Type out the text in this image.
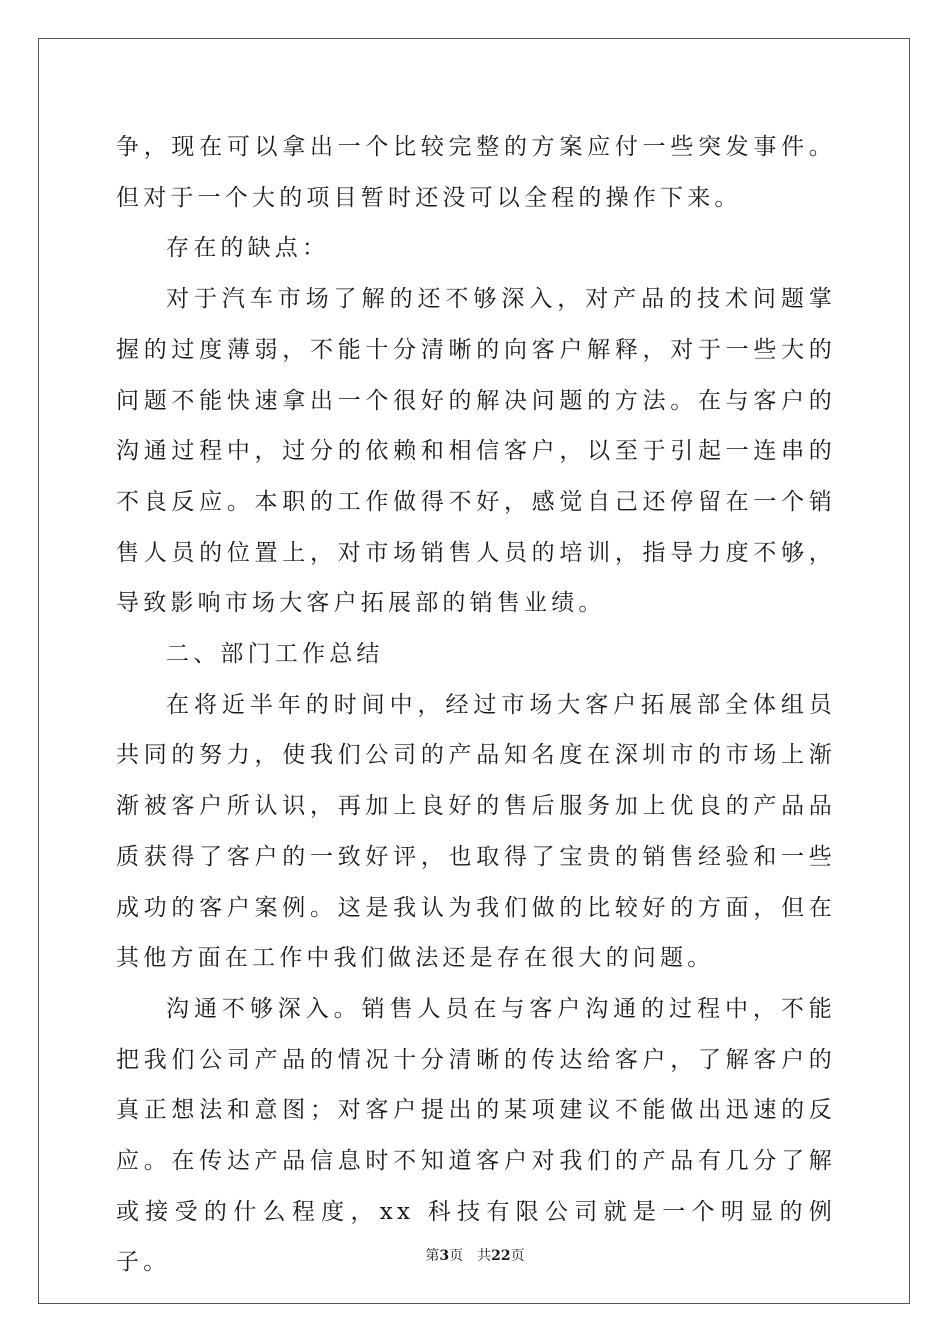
争，现在可以拿出一个比较完整的方案应付一些突发事件。但对于一个大的项目暂时还没可以全程的操作下来。

存在的缺点：

对于汽车市场了解的还不够深入，对产品的技术问题掌握的过度薄弱，不能十分清晰的向客户解释，对于一些大的问题不能快速拿出一个很好的解决问题的方法。在与客户的沟通过程中，过分的依赖和相信客户，以至于引起一连串的不良反应。本职的工作做得不好，感觉自己还停留在一个销售人员的位置上，对市场销售人员的培训，指导力度不够，导致影响市场大客户拓展部的销售业绩。

二、部门工作总结

在将近半年的时间中，经过市场大客户拓展部全体组员共同的努力，使我们公司的产品知名度在深圳市的市场上渐渐被客户所认识，再加上良好的售后服务加上优良的产品品质获得了客户的一致好评，也取得了宝贵的销售经验和一些成功的客户案例。这是我认为我们做的比较好的方面，但在其他方面在工作中我们做法还是存在很大的问题。

沟通不够深入。销售人员在与客户沟通的过程中，不能把我们公司产品的情况十分清晰的传达给客户，了解客户的真正想法和意图；对客户提出的某项建议不能做出迅速的反应。在传达产品信息时不知道客户对我们的产品有几分了解或接受的什么程度，xx 科技有限公司就是一个明显的例子。	第3页 共22页
